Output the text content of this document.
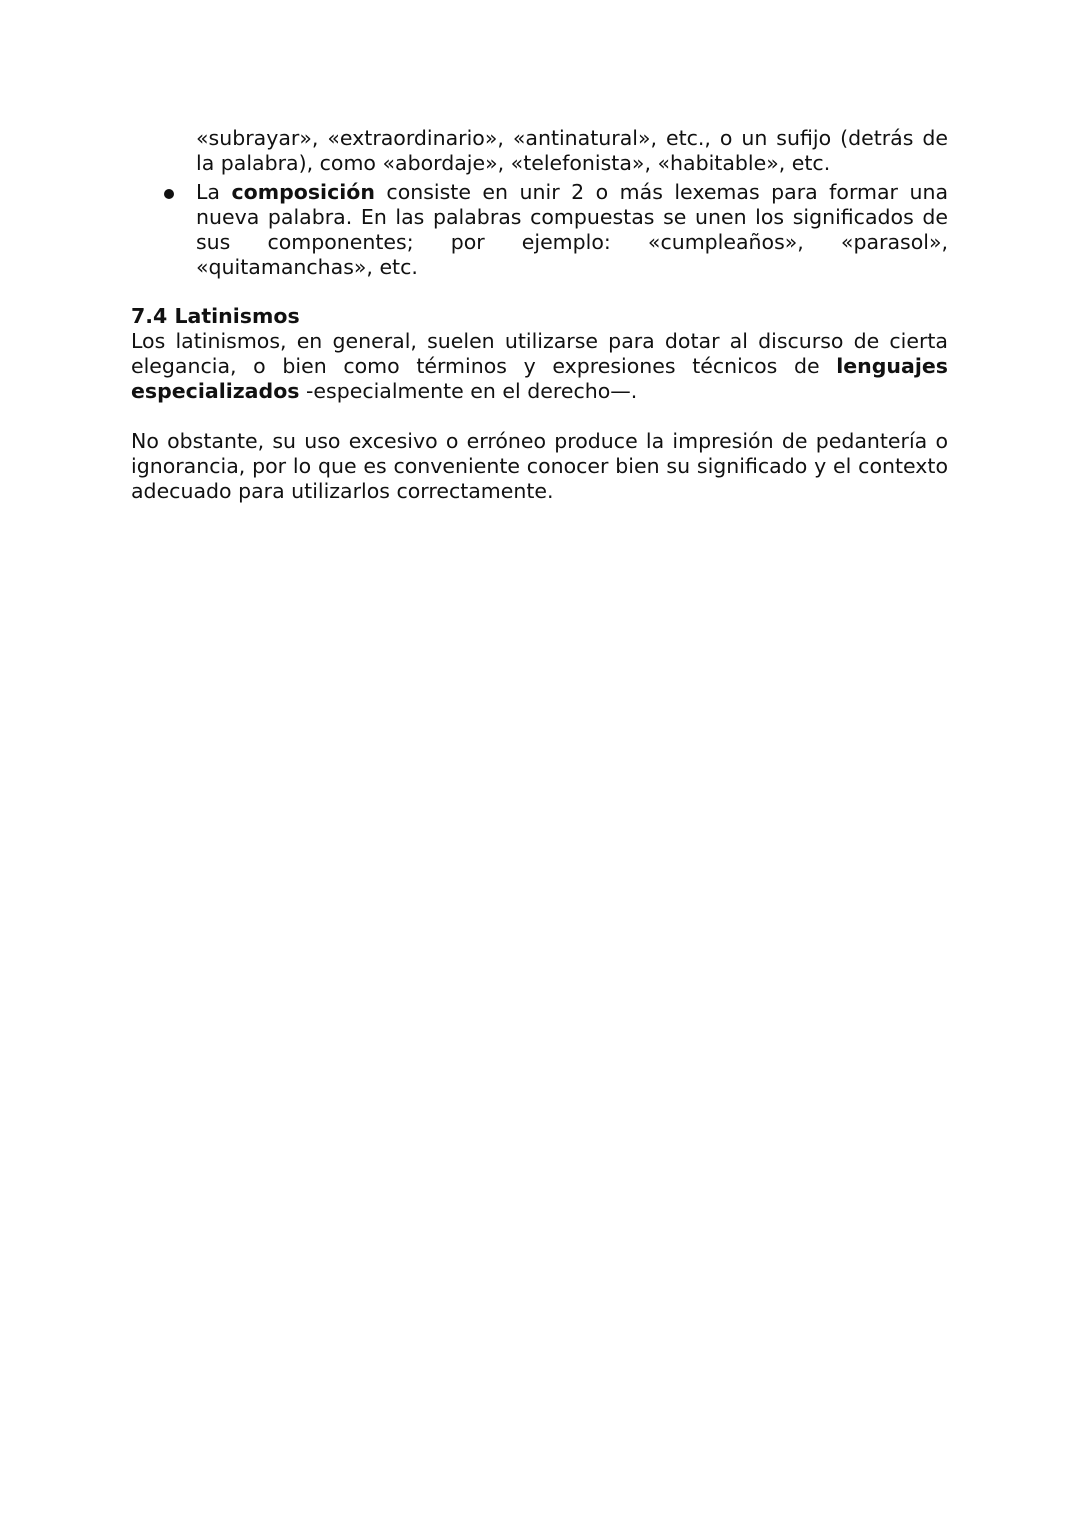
«subrayar», «extraordinario», «antinatural», etc., o un sufijo (detrás de la palabra), como «abordaje», «telefonista», «habitable», etc.

La composición consiste en unir 2 o más lexemas para formar una nueva palabra. En las palabras compuestas se unen los significados de sus componentes; por ejemplo: «cumpleaños», «parasol», «quitamanchas», etc.
7.4 Latinismos

Los latinismos, en general, suelen utilizarse para dotar al discurso de cierta elegancia, o bien como términos y expresiones técnicos de lenguajes especializados -especialmente en el derecho—.

No obstante, su uso excesivo o erróneo produce la impresión de pedantería o ignorancia, por lo que es conveniente conocer bien su significado y el contexto adecuado para utilizarlos correctamente.
